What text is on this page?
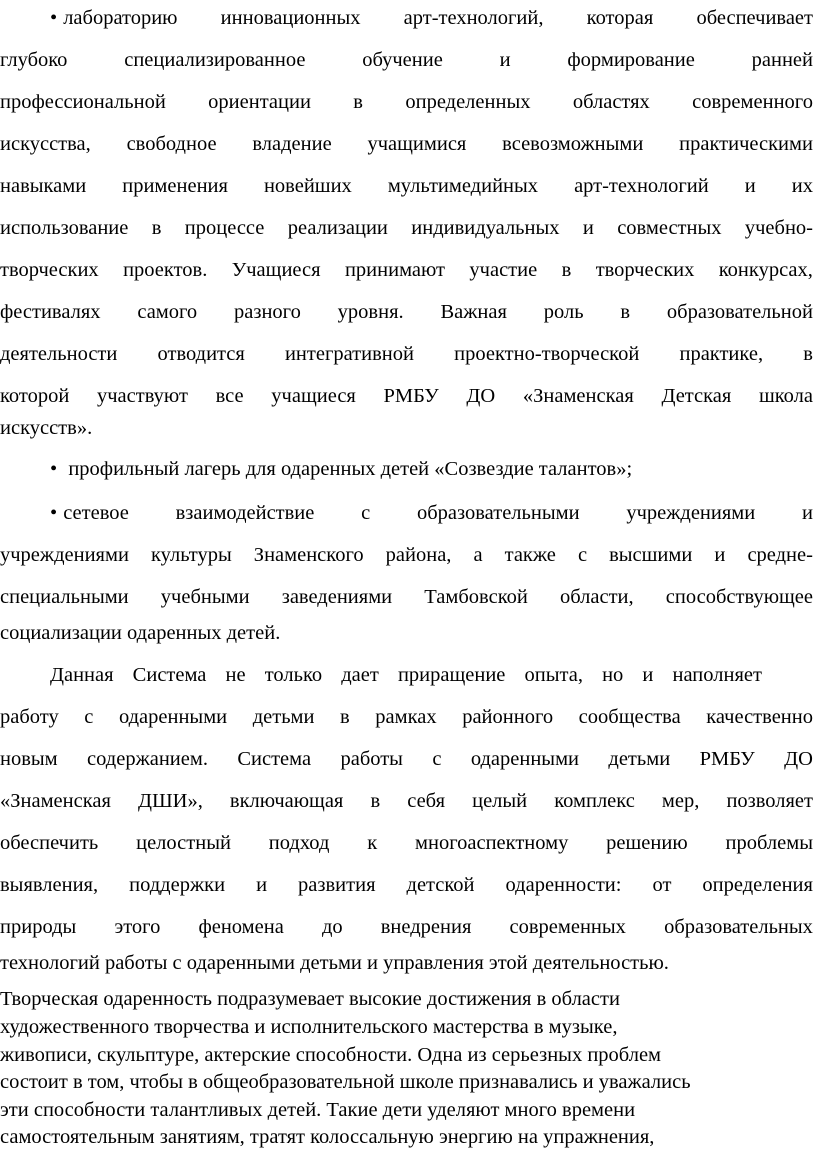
• лабораторию инновационных арт-технологий, которая обеспечивает
глубоко	специализированное	обучение	и	формирование	ранней
профессиональной ориентации в определенных областях современного
искусства, свободное владение учащимися всевозможными практическими
навыками применения новейших мультимедийных арт-технологий и их
использование в процессе реализации индивидуальных и совместных учебно-
творческих проектов. Учащиеся принимают участие в творческих конкурсах,
фестивалях самого разного уровня. Важная роль в образовательной
деятельности отводится интегративной проектно-творческой практике, в
которой участвуют все учащиеся РМБУ ДО «Знаменская Детская школа
искусств».
• профильный лагерь для одаренных детей «Созвездие талантов»;
• сетевое взаимодействие с образовательными учреждениями и
учреждениями культуры Знаменского района, а также с высшими и средне-
специальными учебными заведениями Тамбовской области, способствующее
социализации одаренных детей.
Данная Система не только дает приращение опыта, но и наполняет
работу с одаренными детьми в рамках районного сообщества качественно
новым содержанием. Система работы с одаренными детьми РМБУ ДО
«Знаменская ДШИ», включающая в себя целый комплекс мер, позволяет
обеспечить целостный подход к многоаспектному решению проблемы
выявления, поддержки и развития детской одаренности: от определения
природы этого феномена до внедрения современных образовательных
технологий работы с одаренными детьми и управления этой деятельностью.
Творческая одаренность подразумевает высокие достижения в области
художественного творчества и исполнительского мастерства в музыке,
живописи, скульптуре, актерские способности. Одна из серьезных проблем
состоит в том, чтобы в общеобразовательной школе признавались и уважались
эти способности талантливых детей. Такие дети уделяют много времени
самостоятельным занятиям, тратят колоссальную энергию на упражнения,
